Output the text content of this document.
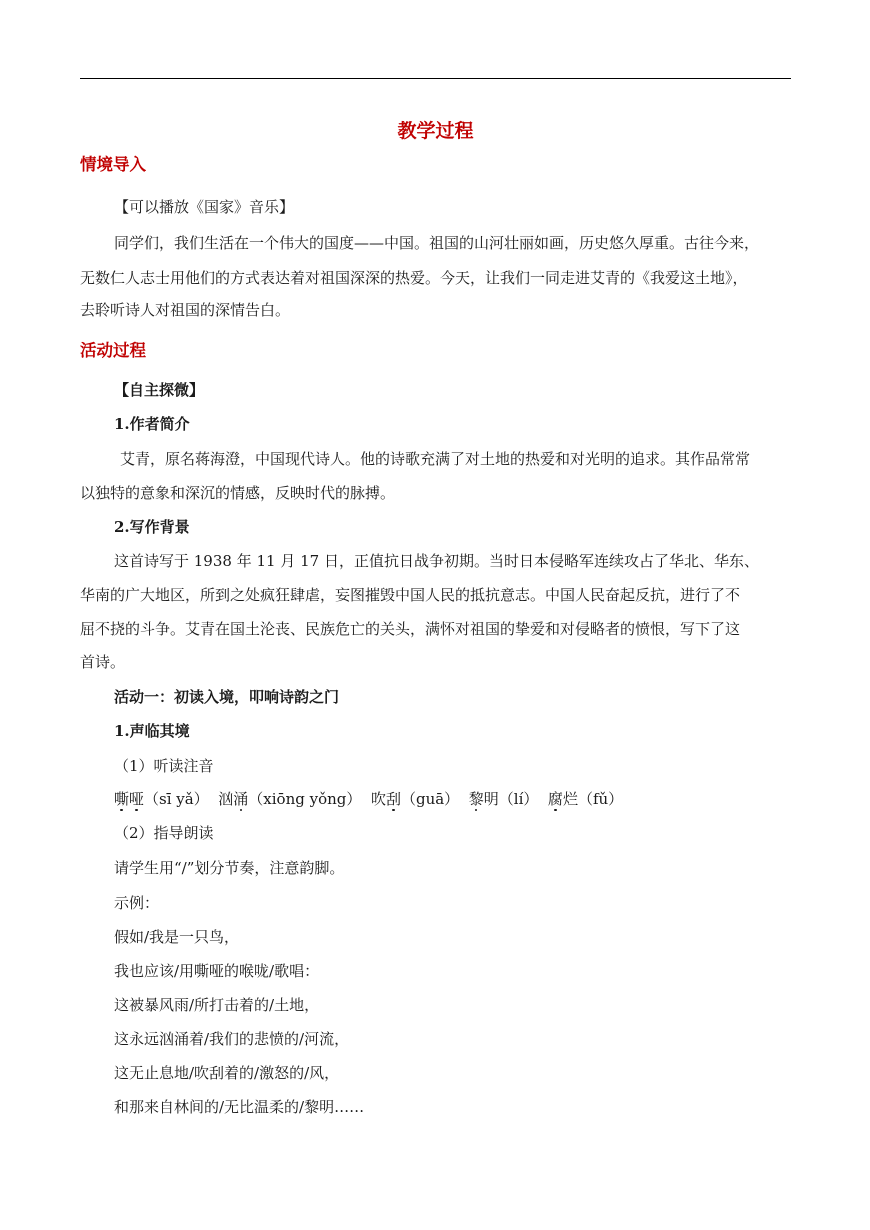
教学过程
情境导入
【可以播放《国家》音乐】
同学们，我们生活在一个伟大的国度——中国。祖国的山河壮丽如画，历史悠久厚重。古往今来，
无数仁人志士用他们的方式表达着对祖国深深的热爱。今天，让我们一同走进艾青的《我爱这土地》，
去聆听诗人对祖国的深情告白。
活动过程
【自主探微】
1.作者简介
艾青，原名蒋海澄，中国现代诗人。他的诗歌充满了对土地的热爱和对光明的追求。其作品常常
以独特的意象和深沉的情感，反映时代的脉搏。
2.写作背景
这首诗写于 1938 年 11 月 17 日，正值抗日战争初期。当时日本侵略军连续攻占了华北、华东、
华南的广大地区，所到之处疯狂肆虐，妄图摧毁中国人民的抵抗意志。中国人民奋起反抗，进行了不
屈不挠的斗争。艾青在国土沦丧、民族危亡的关头，满怀对祖国的挚爱和对侵略者的愤恨，写下了这
首诗。
活动一：初读入境，叩响诗韵之门
1.声临其境
（1）听读注音
嘶哑（sī yǎ） 汹涌（xiōng yǒng） 吹刮（guā） 黎明（lí） 腐烂（fǔ）
（2）指导朗读
请学生用“/”划分节奏，注意韵脚。
示例：
假如/我是一只鸟，
我也应该/用嘶哑的喉咙/歌唱：
这被暴风雨/所打击着的/土地，
这永远汹涌着/我们的悲愤的/河流，
这无止息地/吹刮着的/激怒的/风，
和那来自林间的/无比温柔的/黎明……
